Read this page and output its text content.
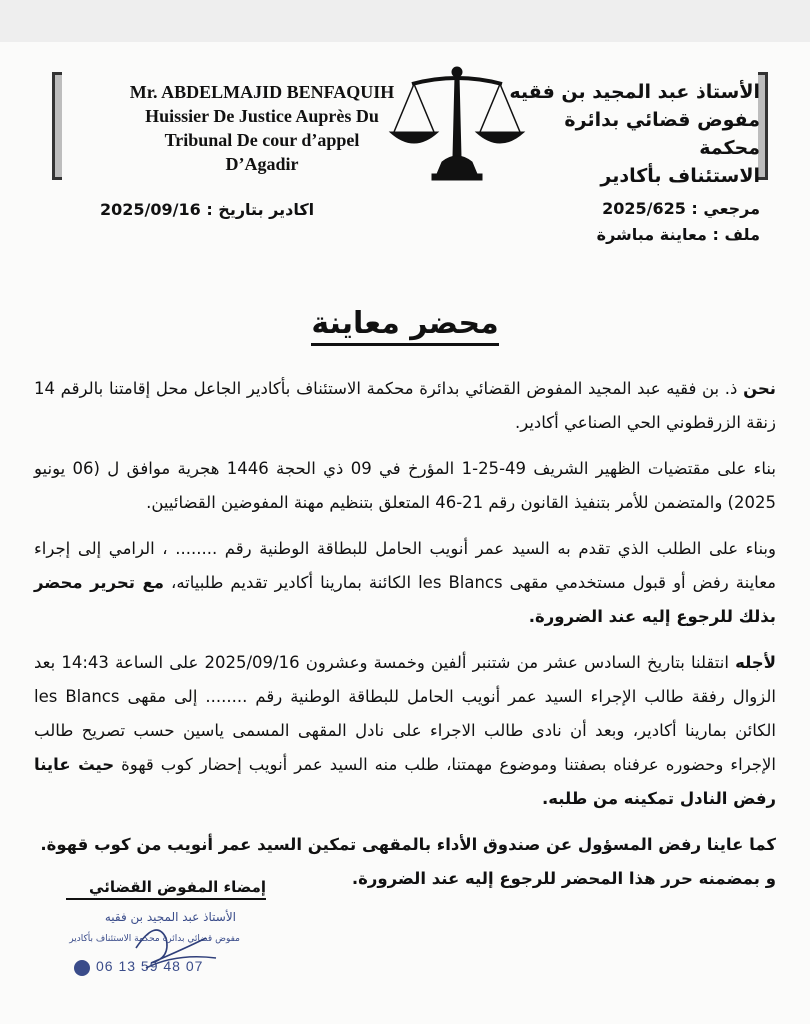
Mr. ABDELMAJID BENFAQUIH
Huissier De Justice Auprès Du
Tribunal De cour d’appel
D’Agadir
الأستاذ عبد المجيد بن فقيه
مفوض قضائي بدائرة محكمة
الاستئناف بأكادير
اكادير بتاريخ : 2025/09/16	مرجعي : 2025/625
ملف : معاينة مباشرة
محضر معاينة

نحن ذ. بن فقيه عبد المجيد المفوض القضائي بدائرة محكمة الاستئناف بأكادير الجاعل محل إقامتنا بالرقم 14 زنقة الزرقطوني الحي الصناعي أكادير.

بناء على مقتضيات الظهير الشريف 49-25-1 المؤرخ في 09 ذي الحجة 1446 هجرية موافق ل (06 يونيو 2025) والمتضمن للأمر بتنفيذ القانون رقم 21-46 المتعلق بتنظيم مهنة المفوضين القضائيين.

وبناء على الطلب الذي تقدم به السيد عمر أنويب الحامل للبطاقة الوطنية رقم ........ ، الرامي إلى إجراء معاينة رفض أو قبول مستخدمي مقهى les Blancs الكائنة بمارينا أكادير تقديم طلبياته، مع تحرير محضر بذلك للرجوع إليه عند الضرورة.

لأجله انتقلنا بتاريخ السادس عشر من شتنبر ألفين وخمسة وعشرون 2025/09/16 على الساعة 14:43 بعد الزوال رفقة طالب الإجراء السيد عمر أنويب الحامل للبطاقة الوطنية رقم ........ إلى مقهى les Blancs الكائن بمارينا أكادير، وبعد أن نادى طالب الاجراء على نادل المقهى المسمى ياسين حسب تصريح طالب الإجراء وحضوره عرفناه بصفتنا وموضوع مهمتنا، طلب منه السيد عمر أنويب إحضار كوب قهوة حيث عاينا رفض النادل تمكينه من طلبه.

كما عاينا رفض المسؤول عن صندوق الأداء بالمقهى تمكين السيد عمر أنويب من كوب قهوة.

و بمضمنه حرر هذا المحضر للرجوع إليه عند الضرورة.

إمضاء المفوض القضائي
الأستاذ عبد المجيد بن فقيه
مفوض قضائي بدائرة محكمة الاستئناف بأكادير
06 13 59 48 07
